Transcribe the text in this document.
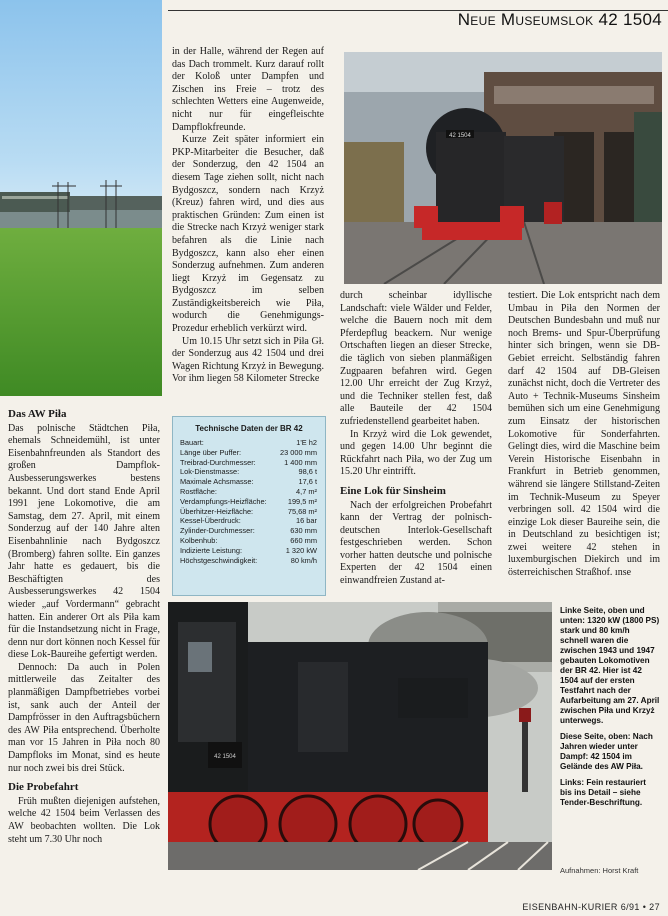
Neue Museumslok 42 1504
42 1504
42 1504
Das AW Piła

Das polnische Städtchen Piła, ehemals Schneidemühl, ist unter Eisenbahnfreunden als Standort des großen Dampflok-Ausbesserungswerkes bestens bekannt. Und dort stand Ende April 1991 jene Lokomotive, die am Samstag, dem 27. April, mit einem Sonderzug auf der 140 Jahre alten Eisenbahnlinie nach Bydgoszcz (Bromberg) fahren sollte. Ein ganzes Jahr hatte es gedauert, bis die Beschäftigten des Ausbesserungswerkes 42 1504 wieder „auf Vordermann“ gebracht hatten. Ein anderer Ort als Piła kam für die Instandsetzung nicht in Frage, denn nur dort können noch Kessel für diese Lok-Baureihe gefertigt werden.

Dennoch: Da auch in Polen mittlerweile das Zeitalter des planmäßigen Dampfbetriebes vorbei ist, sank auch der Anteil der Dampfrösser in den Auftragsbüchern des AW Piła entsprechend. Überholte man vor 15 Jahren in Piła noch 80 Dampfloks im Monat, sind es heute nur noch zwei bis drei Stück.

Die Probefahrt

Früh mußten diejenigen aufstehen, welche 42 1504 beim Verlassen des AW beobachten wollten. Die Lok steht um 7.30 Uhr noch

in der Halle, während der Regen auf das Dach trommelt. Kurz darauf rollt der Koloß unter Dampfen und Zischen ins Freie – trotz des schlechten Wetters eine Augenweide, nicht nur für eingefleischte Dampflokfreunde.

Kurze Zeit später informiert ein PKP-Mitarbeiter die Besucher, daß der Sonderzug, den 42 1504 an diesem Tage ziehen sollt, nicht nach Bydgoszcz, sondern nach Krzyż (Kreuz) fahren wird, und dies aus praktischen Gründen: Zum einen ist die Strecke nach Krzyż weniger stark befahren als die Linie nach Bydgoszcz, kann also eher einen Sonderzug aufnehmen. Zum anderen liegt Krzyż im Gegensatz zu Bydgoszcz im selben Zuständigkeitsbereich wie Piła, wodurch die Genehmigungs-Prozedur erheblich verkürzt wird.

Um 10.15 Uhr setzt sich in Piła Gł. der Sonderzug aus 42 1504 und drei Wagen Richtung Krzyż in Bewegung. Vor ihm liegen 58 Kilometer Strecke

Technische Daten der BR 42
Bauart:	1'E h2
Länge über Puffer:	23 000 mm
Treibrad-Durchmesser:	1 400 mm
Lok-Dienstmasse:	98,6 t
Maximale Achsmasse:	17,6 t
Rostfläche:	4,7 m²
Verdampfungs-Heizfläche:	199,5 m²
Überhitzer-Heizfläche:	75,68 m²
Kessel-Überdruck:	16 bar
Zylinder-Durchmesser:	630 mm
Kolbenhub:	660 mm
Indizierte Leistung:	1 320 kW
Höchstgeschwindigkeit:	80 km/h

durch scheinbar idyllische Landschaft: viele Wälder und Felder, welche die Bauern noch mit dem Pferdepflug beackern. Nur wenige Ortschaften liegen an dieser Strecke, die täglich von sieben planmäßigen Zugpaaren befahren wird. Gegen 12.00 Uhr erreicht der Zug Krzyż, und die Techniker stellen fest, daß alle Bauteile der 42 1504 zufriedenstellend gearbeitet haben.

In Krzyż wird die Lok gewendet, und gegen 14.00 Uhr beginnt die Rückfahrt nach Piła, wo der Zug um 15.20 Uhr eintrifft.

Eine Lok für Sinsheim

Nach der erfolgreichen Probefahrt kann der Vertrag der polnisch-deutschen Interlok-Gesellschaft festgeschrieben werden. Schon vorher hatten deutsche und polnische Experten der 42 1504 einen einwandfreien Zustand at-

testiert. Die Lok entspricht nach dem Umbau in Piła den Normen der Deutschen Bundesbahn und muß nur noch Brems- und Spur-Überprüfung hinter sich bringen, wenn sie DB-Gebiet erreicht. Selbständig fahren darf 42 1504 auf DB-Gleisen zunächst nicht, doch die Vertreter des Auto + Technik-Museums Sinsheim bemühen sich um eine Genehmigung zum Einsatz der historischen Lokomotive für Sonderfahrten. Gelingt dies, wird die Maschine beim Verein Historische Eisenbahn in Frankfurt in Betrieb genommen, während sie längere Stillstand-Zeiten im Technik-Museum zu Speyer verbringen soll. 42 1504 wird die einzige Lok dieser Baureihe sein, die in Deutschland zu besichtigen ist; zwei weitere 42 stehen in luxemburgischen Diekirch und im österreichischen Straßhof. ınse

Linke Seite, oben und unten: 1320 kW (1800 PS) stark und 80 km/h schnell waren die zwischen 1943 und 1947 gebauten Lokomotiven der BR 42. Hier ist 42 1504 auf der ersten Testfahrt nach der Aufarbeitung am 27. April zwischen Piła und Krzyż unterwegs.

Diese Seite, oben: Nach Jahren wieder unter Dampf: 42 1504 im Gelände des AW Piła.

Links: Fein restauriert bis ins Detail – siehe Tender-Beschriftung.

Aufnahmen: Horst Kraft
EISENBAHN-KURIER 6/91 • 27
